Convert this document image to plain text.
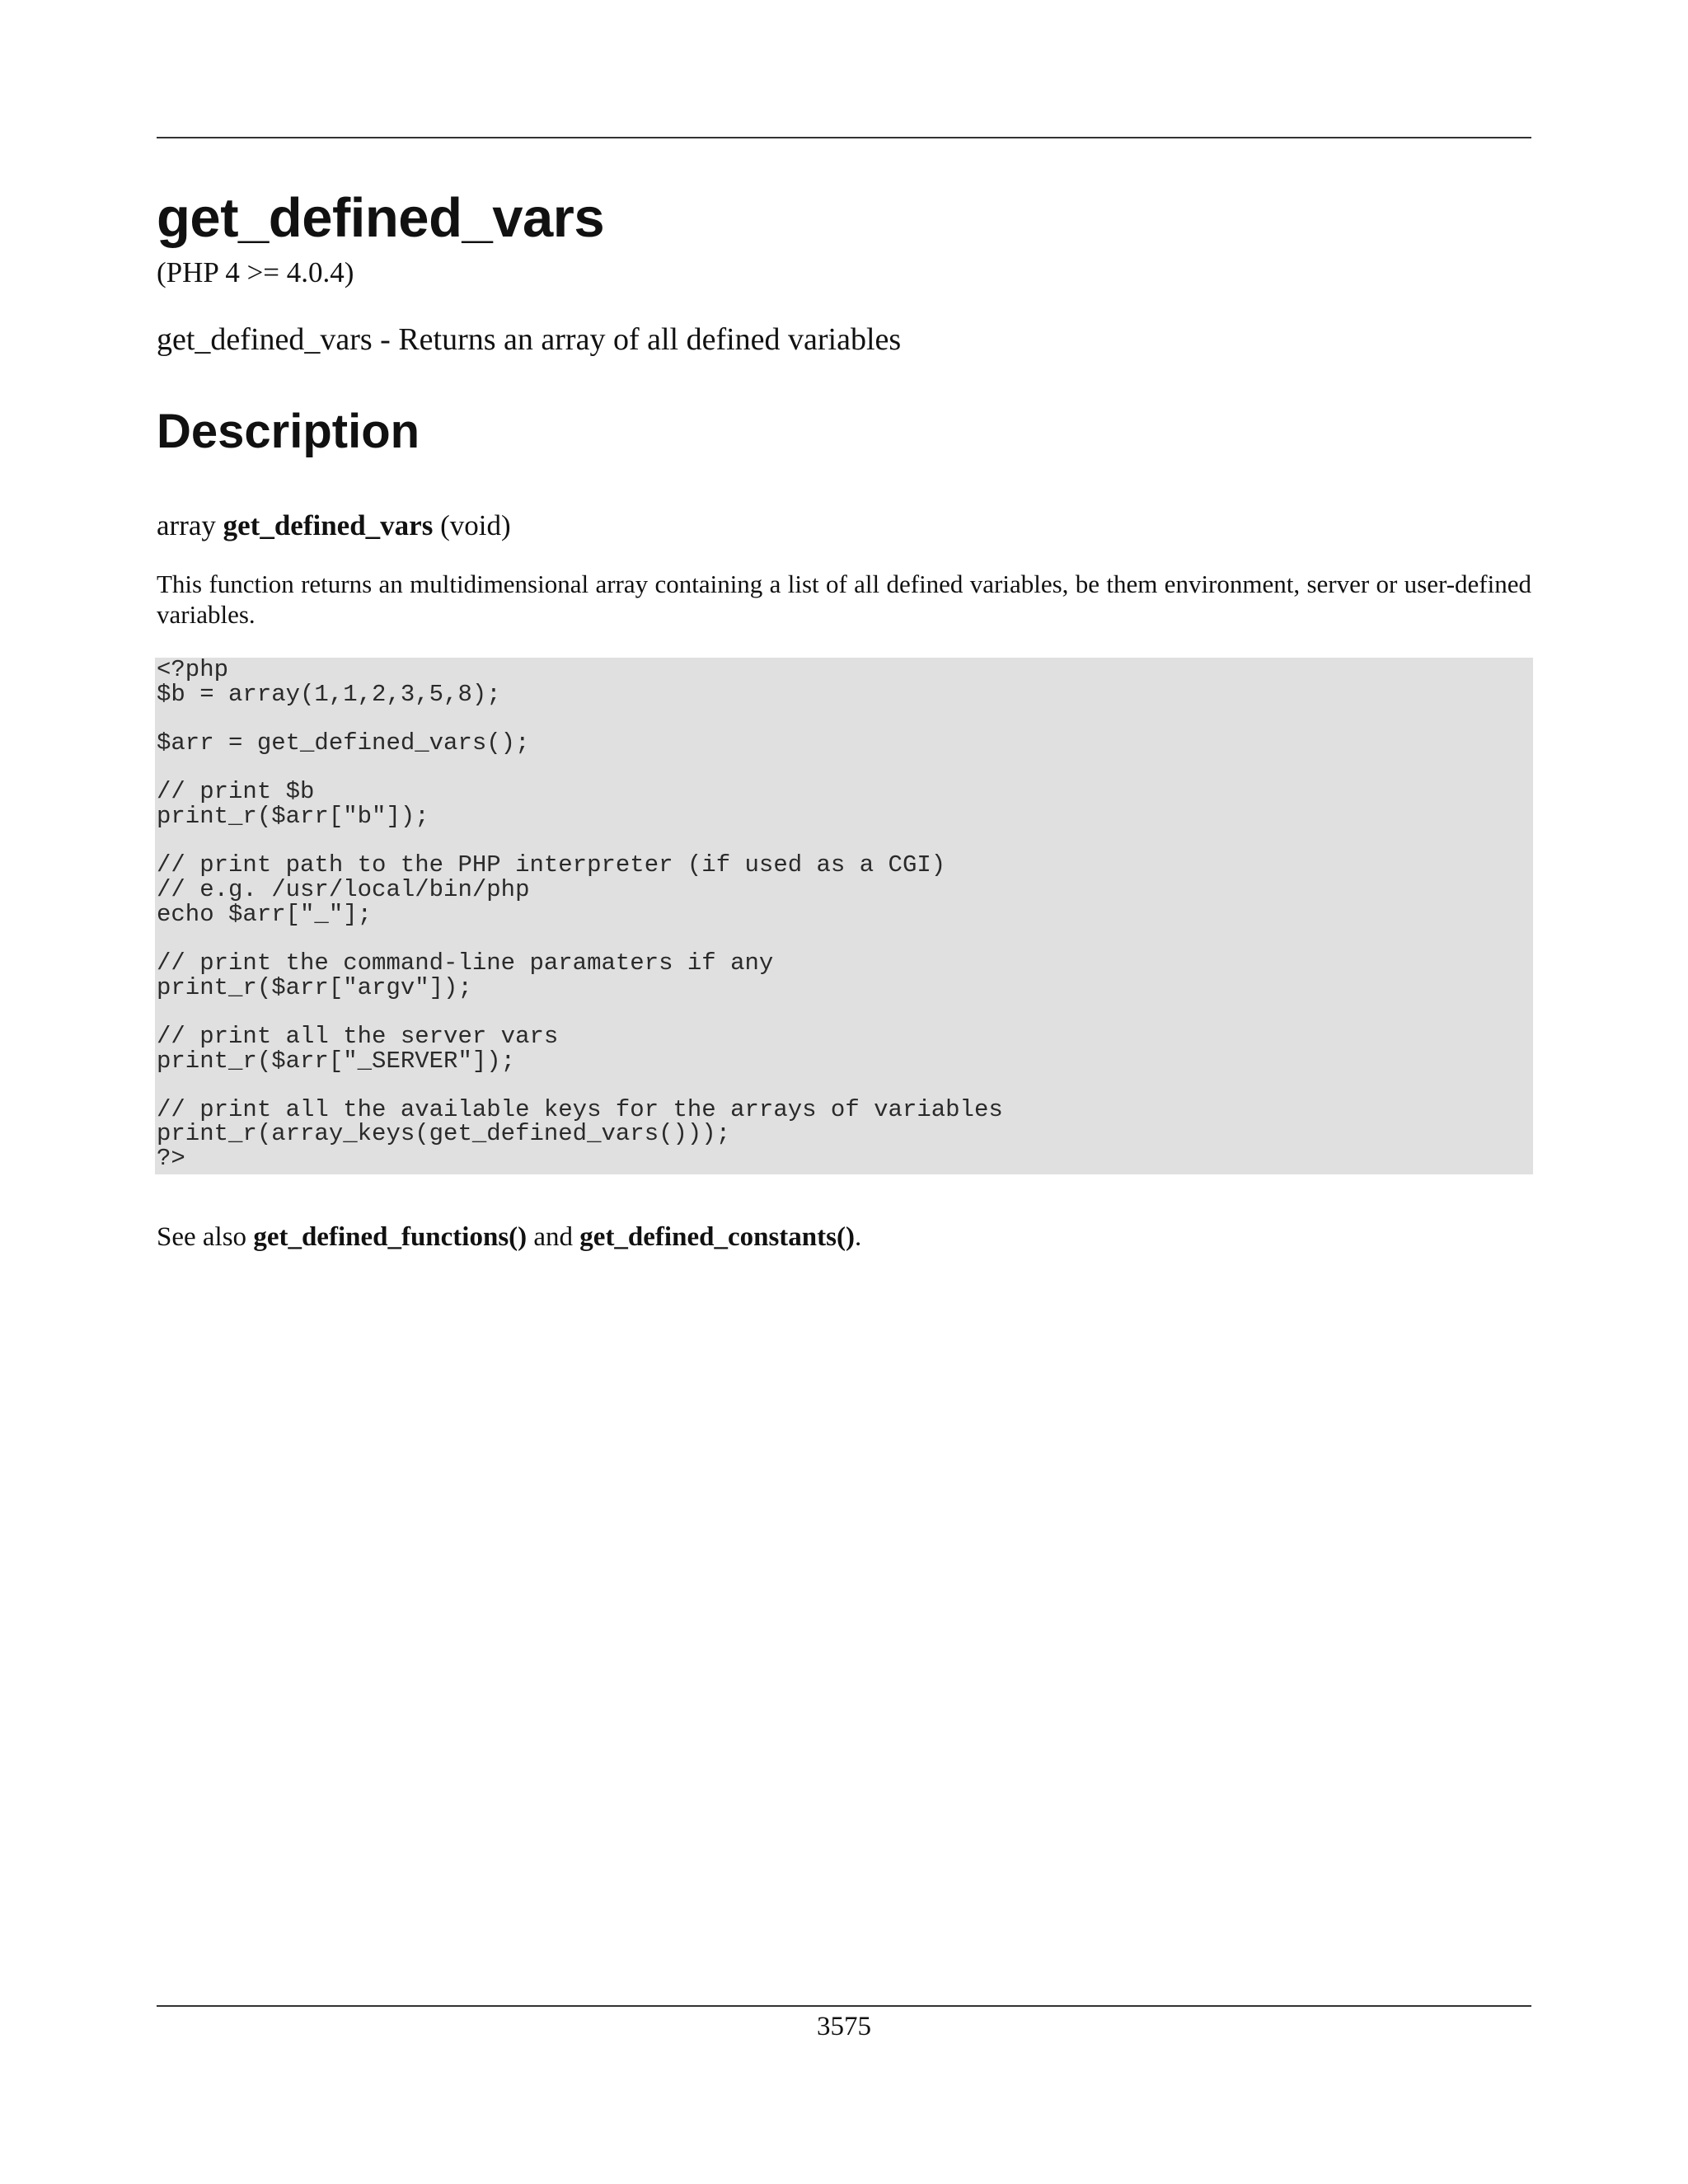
get_defined_vars
(PHP 4 >= 4.0.4)
get_defined_vars - Returns an array of all defined variables
Description
array get_defined_vars (void)

This function returns an multidimensional array containing a list of all defined variables, be them environment, server or user-defined variables.

<?php
$b = array(1,1,2,3,5,8);
$arr = get_defined_vars();
// print $b
print_r($arr["b"]);
// print path to the PHP interpreter (if used as a CGI)
// e.g. /usr/local/bin/php
echo $arr["_"];
// print the command-line paramaters if any
print_r($arr["argv"]);
// print all the server vars
print_r($arr["_SERVER"]);
// print all the available keys for the arrays of variables
print_r(array_keys(get_defined_vars()));
?>
See also get_defined_functions() and get_defined_constants().
3575
